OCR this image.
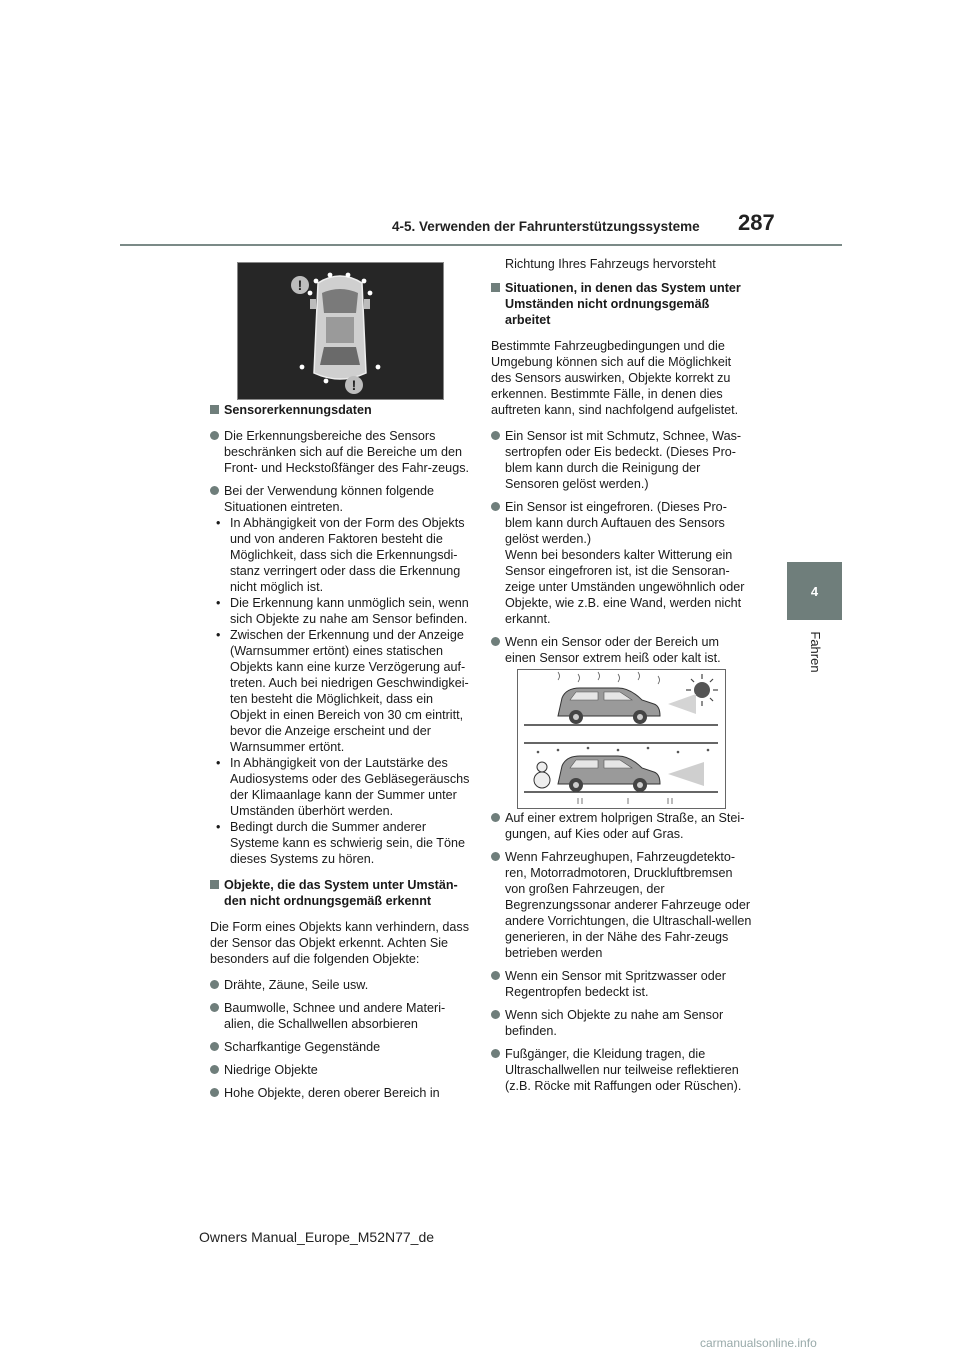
4-5. Verwenden der Fahrunterstützungssysteme 287
4
Fahren
!
!
Sensorerkennungsdaten
Die Erkennungsbereiche des Sensors beschränken sich auf die Bereiche um den Front- und Heckstoßfänger des Fahr-zeugs.
Bei der Verwendung können folgende Situationen eintreten.
• In Abhängigkeit von der Form des Objekts und von anderen Faktoren besteht die Möglichkeit, dass sich die Erkennungsdi-stanz verringert oder dass die Erkennung nicht möglich ist.
• Die Erkennung kann unmöglich sein, wenn sich Objekte zu nahe am Sensor befinden.
• Zwischen der Erkennung und der Anzeige (Warnsummer ertönt) eines statischen Objekts kann eine kurze Verzögerung auf-treten. Auch bei niedrigen Geschwindigkei-ten besteht die Möglichkeit, dass ein Objekt in einen Bereich von 30 cm eintritt, bevor die Anzeige erscheint und der Warnsummer ertönt.
• In Abhängigkeit von der Lautstärke des Audiosystems oder des Gebläsegeräuschs der Klimaanlage kann der Summer unter Umständen überhört werden.
• Bedingt durch die Summer anderer Systeme kann es schwierig sein, die Töne dieses Systems zu hören.
Objekte, die das System unter Umstän-den nicht ordnungsgemäß erkennt
Die Form eines Objekts kann verhindern, dass der Sensor das Objekt erkennt. Achten Sie besonders auf die folgenden Objekte:
Drähte, Zäune, Seile usw.
Baumwolle, Schnee und andere Materi-alien, die Schallwellen absorbieren
Scharfkantige Gegenstände
Niedrige Objekte
Hohe Objekte, deren oberer Bereich in
Richtung Ihres Fahrzeugs hervorsteht
Situationen, in denen das System unter Umständen nicht ordnungsgemäß arbeitet
Bestimmte Fahrzeugbedingungen und die Umgebung können sich auf die Möglichkeit des Sensors auswirken, Objekte korrekt zu erkennen. Bestimmte Fälle, in denen dies auftreten kann, sind nachfolgend aufgelistet.
Ein Sensor ist mit Schmutz, Schnee, Was-sertropfen oder Eis bedeckt. (Dieses Pro-blem kann durch die Reinigung der Sensoren gelöst werden.)
Ein Sensor ist eingefroren. (Dieses Pro-blem kann durch Auftauen des Sensors gelöst werden.)
Wenn bei besonders kalter Witterung ein Sensor eingefroren ist, ist die Sensoran-zeige unter Umständen ungewöhnlich oder Objekte, wie z.B. eine Wand, werden nicht erkannt.
Wenn ein Sensor oder der Bereich um einen Sensor extrem heiß oder kalt ist.
Auf einer extrem holprigen Straße, an Stei-gungen, auf Kies oder auf Gras.
Wenn Fahrzeughupen, Fahrzeugdetekto-ren, Motorradmotoren, Druckluftbremsen von großen Fahrzeugen, der Begrenzungssonar anderer Fahrzeuge oder andere Vorrichtungen, die Ultraschall-wellen generieren, in der Nähe des Fahr-zeugs betrieben werden
Wenn ein Sensor mit Spritzwasser oder Regentropfen bedeckt ist.
Wenn sich Objekte zu nahe am Sensor befinden.
Fußgänger, die Kleidung tragen, die Ultraschallwellen nur teilweise reflektieren (z.B. Röcke mit Raffungen oder Rüschen).
Owners Manual_Europe_M52N77_de
carmanualsonline.info
